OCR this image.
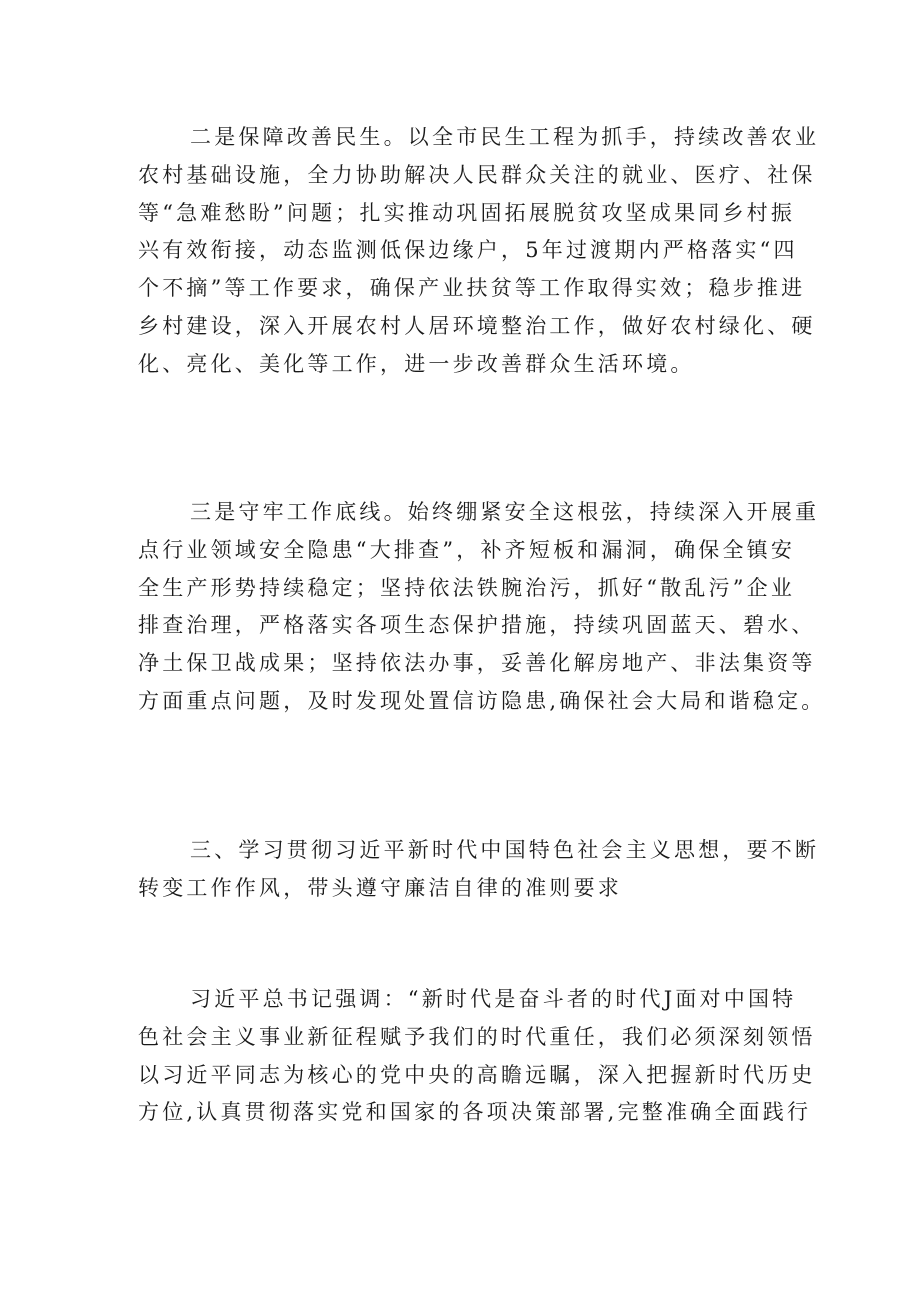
二是保障改善民生。以全市民生工程为抓手，持续改善农业
农村基础设施，全力协助解决人民群众关注的就业、医疗、社保
等“急难愁盼”问题；扎实推动巩固拓展脱贫攻坚成果同乡村振
兴有效衔接，动态监测低保边缘户，5年过渡期内严格落实“四
个不摘”等工作要求，确保产业扶贫等工作取得实效；稳步推进
乡村建设，深入开展农村人居环境整治工作，做好农村绿化、硬
化、亮化、美化等工作，进一步改善群众生活环境。
三是守牢工作底线。始终绷紧安全这根弦，持续深入开展重
点行业领域安全隐患“大排查”，补齐短板和漏洞，确保全镇安
全生产形势持续稳定；坚持依法铁腕治污，抓好“散乱污”企业
排查治理，严格落实各项生态保护措施，持续巩固蓝天、碧水、
净土保卫战成果；坚持依法办事，妥善化解房地产、非法集资等
方面重点问题，及时发现处置信访隐患,确保社会大局和谐稳定。
三、学习贯彻习近平新时代中国特色社会主义思想，要不断
转变工作作风，带头遵守廉洁自律的准则要求
习近平总书记强调：“新时代是奋斗者的时代J面对中国特
色社会主义事业新征程赋予我们的时代重任，我们必须深刻领悟
以习近平同志为核心的党中央的高瞻远瞩，深入把握新时代历史
方位,认真贯彻落实党和国家的各项决策部署,完整准确全面践行
